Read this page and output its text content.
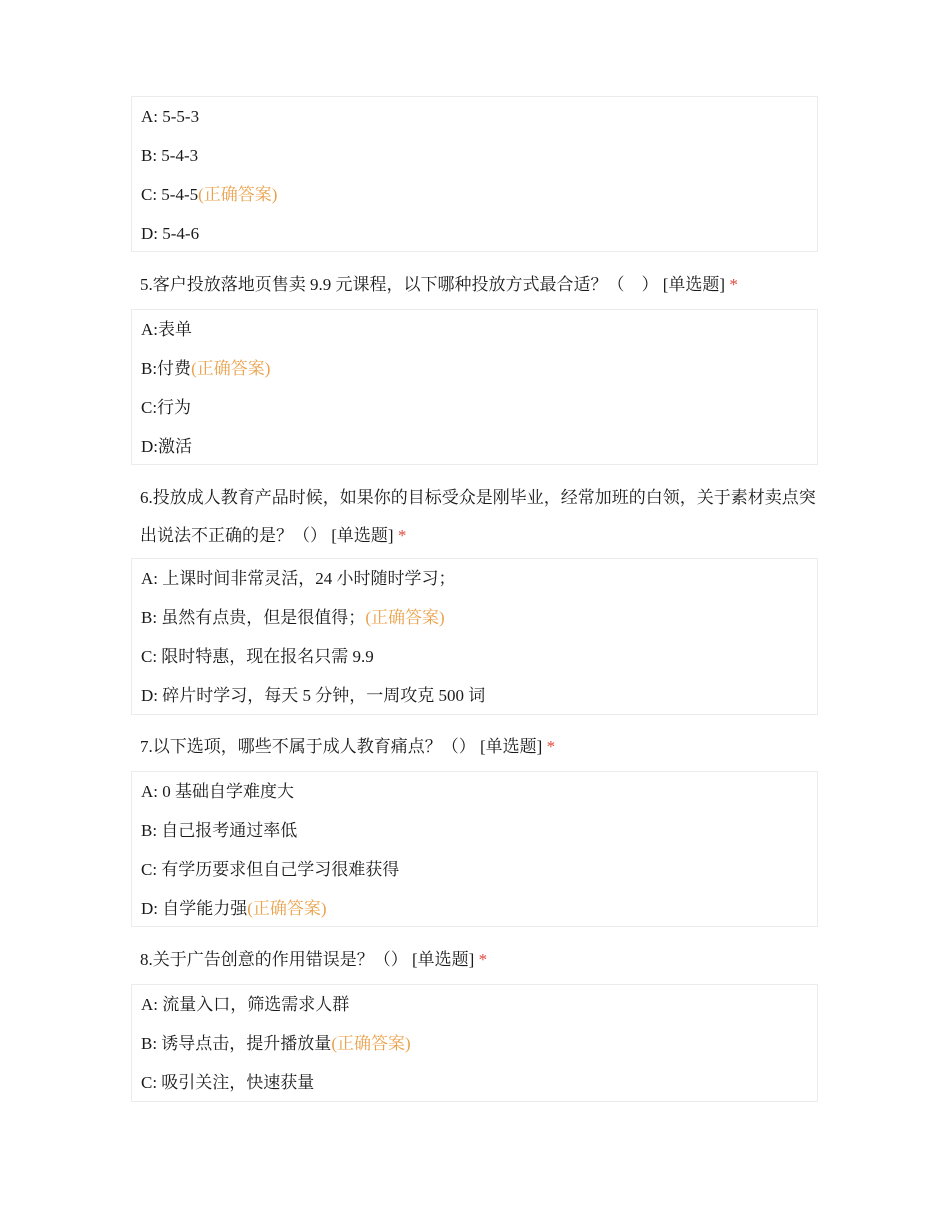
A: 5-5-3
B: 5-4-3
C: 5-4-5(正确答案)
D: 5-4-6
5.客户投放落地页售卖 9.9 元课程，以下哪种投放方式最合适？（　） [单选题] *
A:表单
B:付费(正确答案)
C:行为
D:激活
6.投放成人教育产品时候，如果你的目标受众是刚毕业，经常加班的白领，关于素材卖点突出说法不正确的是？（） [单选题] *
A: 上课时间非常灵活，24 小时随时学习；
B: 虽然有点贵，但是很值得；(正确答案)
C: 限时特惠，现在报名只需 9.9
D: 碎片时学习，每天 5 分钟，一周攻克 500 词
7.以下选项，哪些不属于成人教育痛点？（） [单选题] *
A: 0 基础自学难度大
B: 自己报考通过率低
C: 有学历要求但自己学习很难获得
D: 自学能力强(正确答案)
8.关于广告创意的作用错误是？（） [单选题] *
A: 流量入口，筛选需求人群
B: 诱导点击，提升播放量(正确答案)
C: 吸引关注，快速获量
